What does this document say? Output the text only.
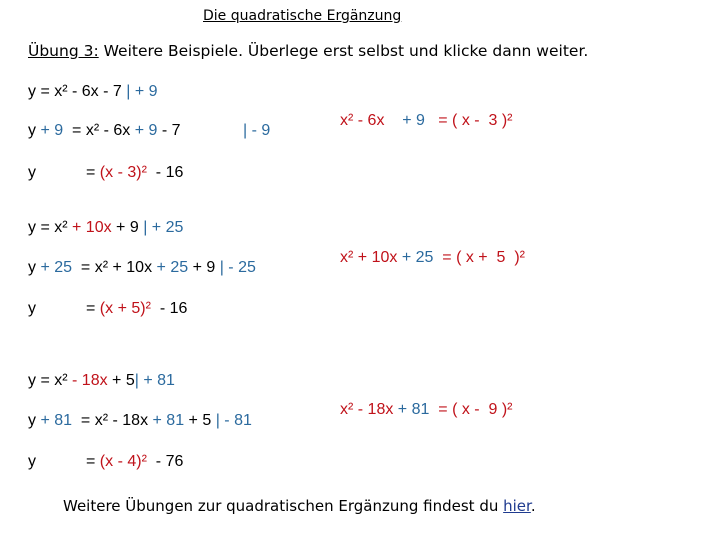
Die quadratische Ergänzung
Übung 3: Weitere Beispiele. Überlege erst selbst und klicke dann weiter.
y = x² - 6x - 7 | + 9
y + 9  = x² - 6x + 9 - 7	| - 9
x² - 6x    + 9   = ( x -  3 )²
y	= (x - 3)²  - 16
y = x² + 10x + 9 | + 25
y + 25  = x² + 10x + 25 + 9 | - 25
x² + 10x + 25  = ( x +  5  )²
y	= (x + 5)²  - 16
y = x² - 18x + 5| + 81
y + 81  = x² - 18x + 81 + 5 | - 81
x² - 18x + 81  = ( x -  9 )²
y	= (x - 4)²  - 76
Weitere Übungen zur quadratischen Ergänzung findest du hier.
